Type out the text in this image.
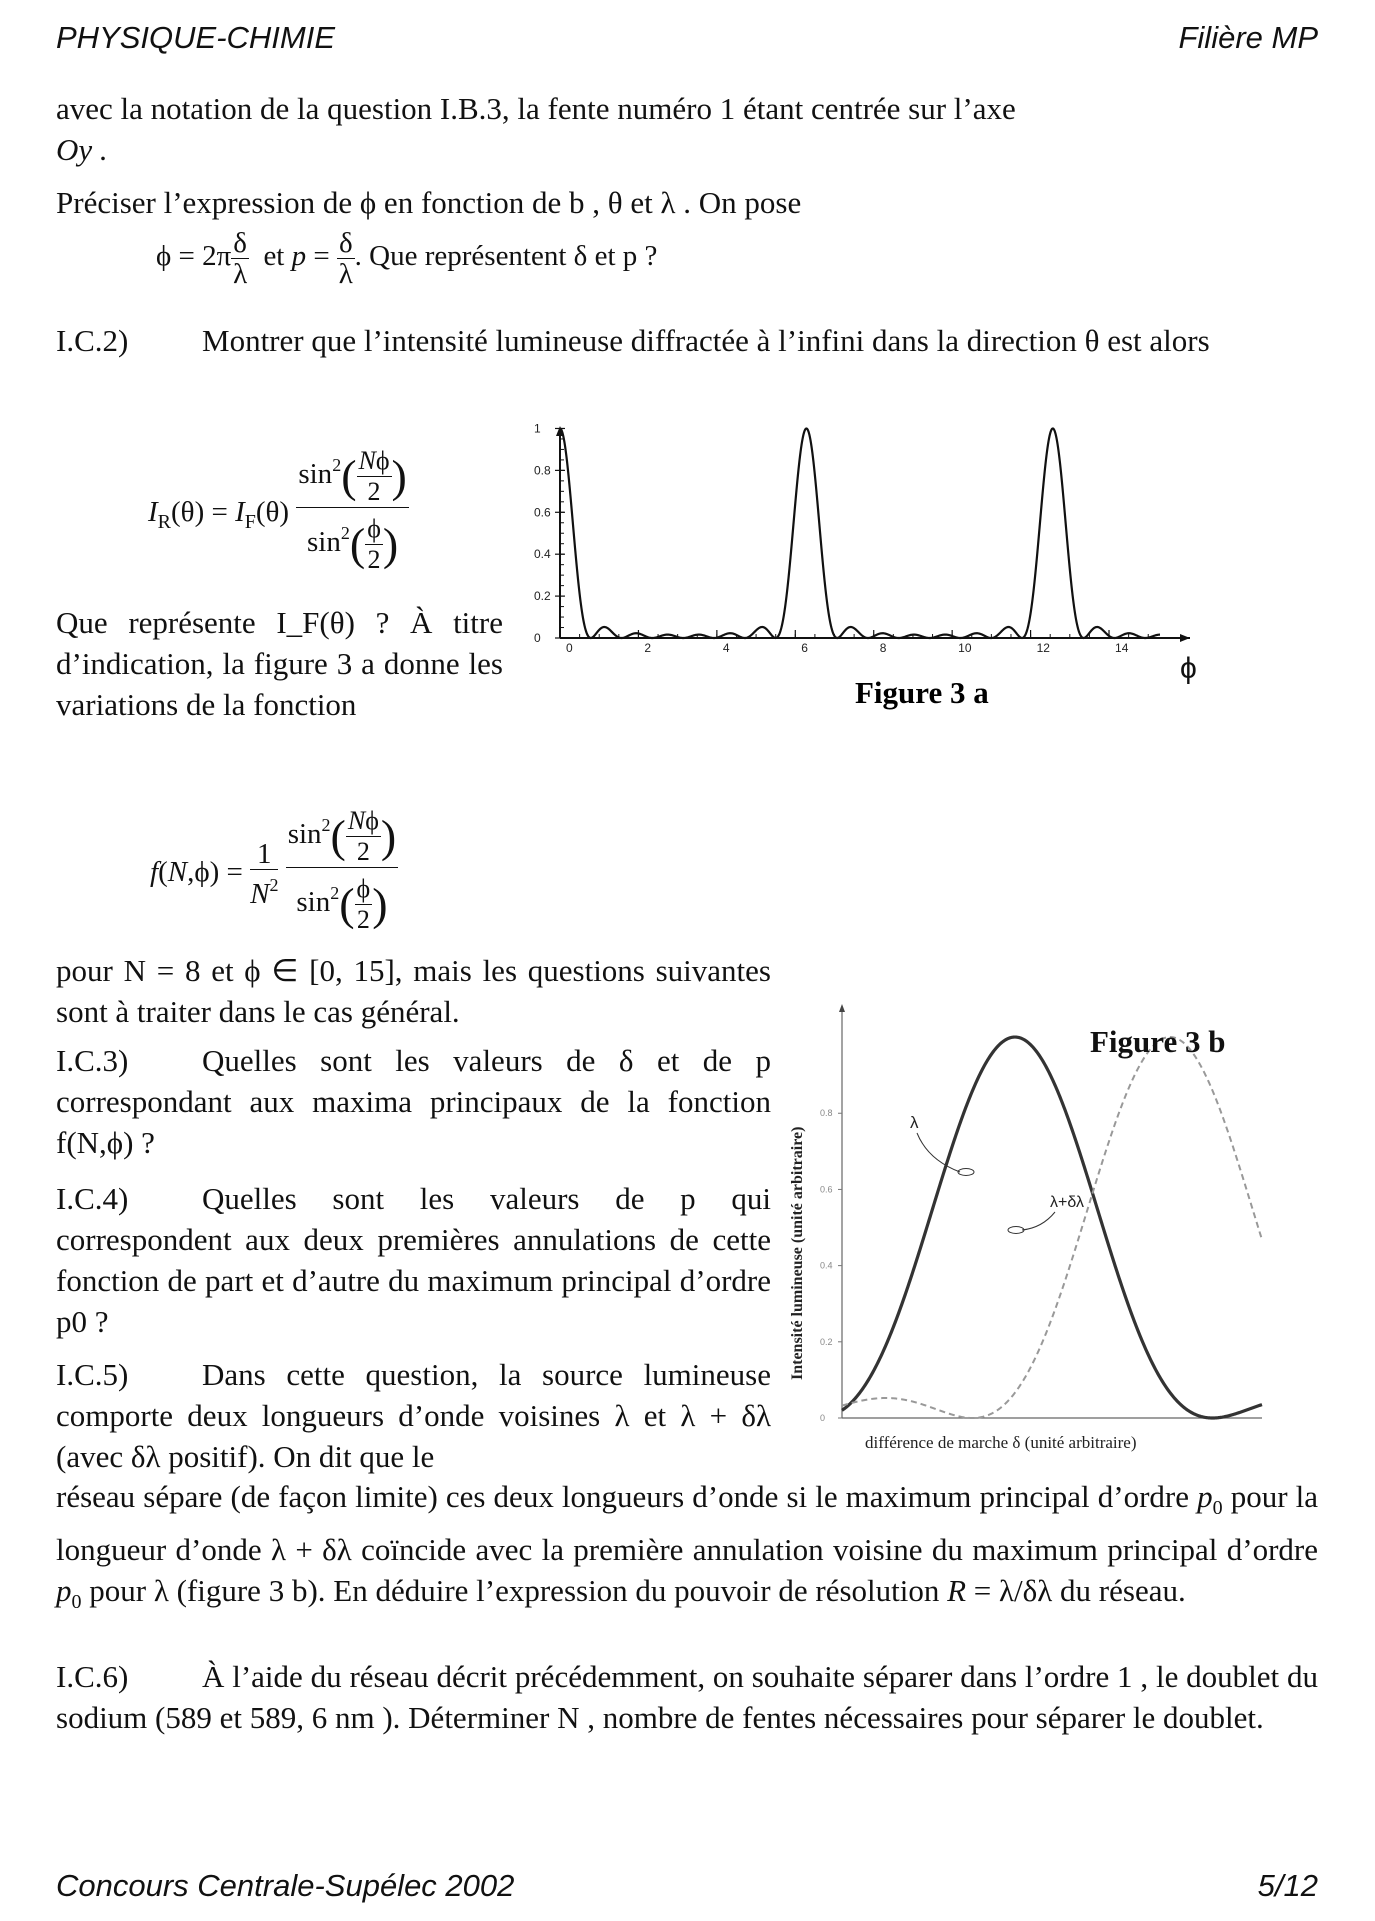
PHYSIQUE-CHIMIE	Filière MP
avec la notation de la question I.B.3, la fente numéro 1 étant centrée sur l’axe
Oy .
Préciser l’expression de ϕ en fonction de b , θ et λ . On pose
$\phi = 2\pi \frac{\delta}{\lambda}$ et $p = \frac{\delta}{\lambda}$ . Que représentent δ et p ?
I.C.2) Montrer que l’intensité lumineuse diffractée à l’infini dans la direction θ est alors
$I_R(\theta) = I_F(\theta) \frac{\sin^2( \frac{N\phi}{2} )}{\sin^2( \frac{\phi}{2} )}$
Que représente I_F(θ) ? À titre d’indication, la figure 3 a donne les variations de la fonction
$f(N,\phi) = \frac{1}{N^2}$
$\frac{\sin^2( \frac{N\phi}{2} )}{\sin^2( \frac{\phi}{2} )}$
pour N = 8 et ϕ ∈ [0, 15], mais les questions suivantes sont à traiter dans le cas général.
I.C.3) Quelles sont les valeurs de δ et de p correspondant aux maxima principaux de la fonction f(N,ϕ) ?
I.C.4) Quelles sont les valeurs de p qui correspondent aux deux premières annulations de cette fonction de part et d’autre du maximum principal d’ordre p0 ?
I.C.5) Dans cette question, la source lumineuse comporte deux longueurs d’onde voisines λ et λ + δλ (avec δλ positif). On dit que le
réseau sépare (de façon limite) ces deux longueurs d’onde si le maximum principal d’ordre $p_0$ pour la longueur d’onde λ + δλ coïncide avec la première annulation voisine du maximum principal d’ordre $p_0$ pour λ (figure 3 b). En déduire l’expression du pouvoir de résolution R = λ/δλ du réseau.
I.C.6) À l’aide du réseau décrit précédemment, on souhaite séparer dans l’ordre 1 , le doublet du sodium (589 et 589, 6 nm ). Déterminer N , nombre de fentes nécessaires pour séparer le doublet.
0	2	4	6	8	10	12	14
0
0.2
0.4
0.6
0.8
1
ϕ
Figure 3 a
0
0.2
0.4
0.6
0.8	λ
λ+δλ
Figure 3 b
différence de marche δ (unité arbitraire)
Intensité lumineuse (unité arbitraire)
Concours Centrale-Supélec 2002	5/12
